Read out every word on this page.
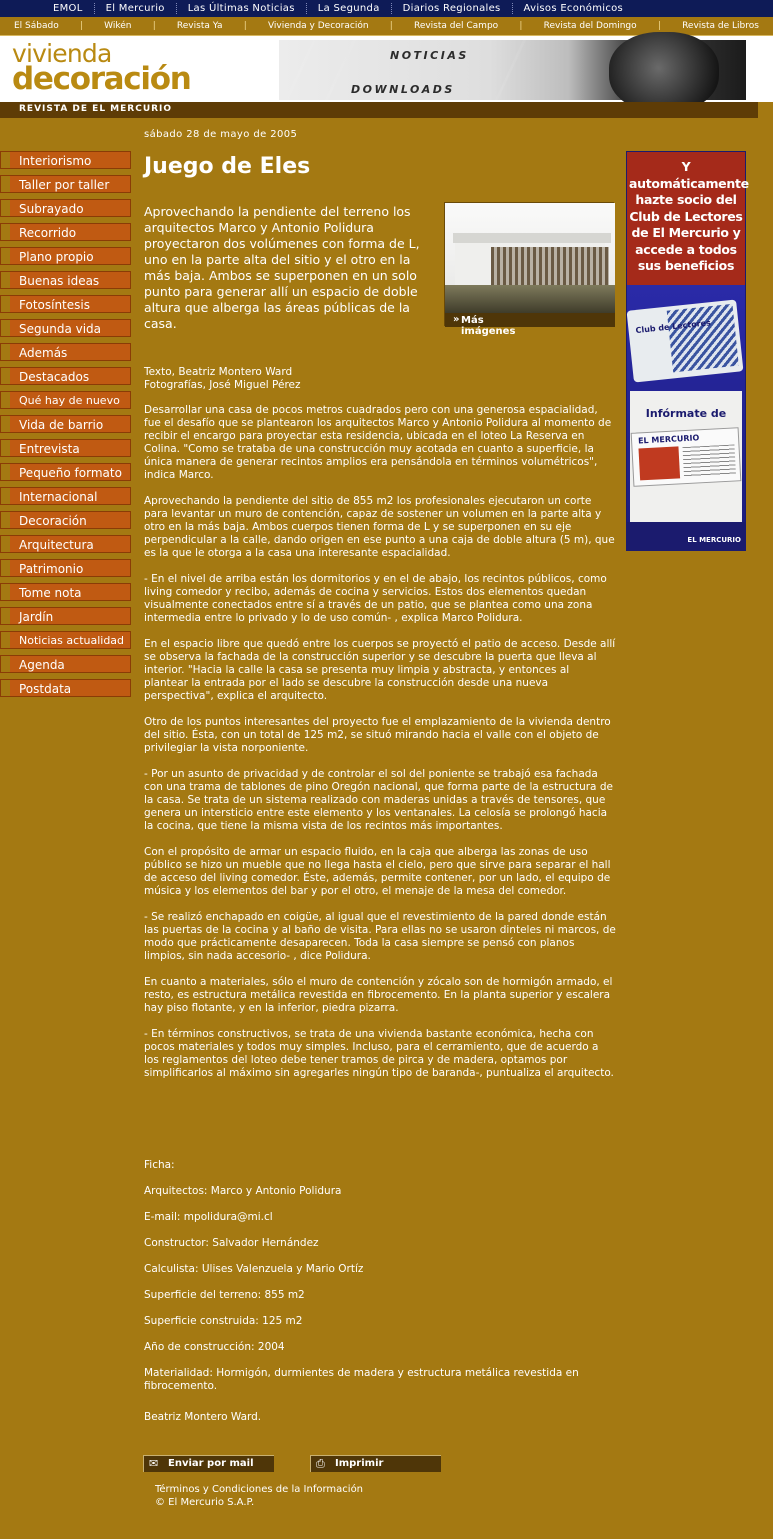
EMOL	El Mercurio	Las Últimas Noticias	La Segunda	Diarios Regionales	Avisos Económicos
El Sábado | Wikén | Revista Ya | Vivienda y Decoración | Revista del Campo | Revista del Domingo | Revista de Libros
vivienda
decoración
NOTICIAS
DOWNLOADS
REVISTA DE EL MERCURIO
Interiorismo
Taller por taller
Subrayado
Recorrido
Plano propio
Buenas ideas
Fotosíntesis
Segunda vida
Además
Destacados
Qué hay de nuevo
Vida de barrio
Entrevista
Pequeño formato
Internacional
Decoración
Arquitectura
Patrimonio
Tome nota
Jardín
Noticias actualidad
Agenda
Postdata
sábado 28 de mayo de 2005
Juego de Eles

Aprovechando la pendiente del terreno los arquitectos Marco y Antonio Polidura proyectaron dos volúmenes con forma de L, uno en la parte alta del sitio y el otro en la más baja. Ambos se superponen en un solo punto para generar allí un espacio de doble altura que alberga las áreas públicas de la casa.	» Más imágenes
Texto, Beatriz Montero Ward
Fotografías, José Miguel Pérez

Desarrollar una casa de pocos metros cuadrados pero con una generosa espacialidad, fue el desafío que se plantearon los arquitectos Marco y Antonio Polidura al momento de recibir el encargo para proyectar esta residencia, ubicada en el loteo La Reserva en Colina. "Como se trataba de una construcción muy acotada en cuanto a superficie, la única manera de generar recintos amplios era pensándola en términos volumétricos", indica Marco.

Aprovechando la pendiente del sitio de 855 m2 los profesionales ejecutaron un corte para levantar un muro de contención, capaz de sostener un volumen en la parte alta y otro en la más baja. Ambos cuerpos tienen forma de L y se superponen en su eje perpendicular a la calle, dando origen en ese punto a una caja de doble altura (5 m), que es la que le otorga a la casa una interesante espacialidad.

- En el nivel de arriba están los dormitorios y en el de abajo, los recintos públicos, como living comedor y recibo, además de cocina y servicios. Estos dos elementos quedan visualmente conectados entre sí a través de un patio, que se plantea como una zona intermedia entre lo privado y lo de uso común- , explica Marco Polidura.

En el espacio libre que quedó entre los cuerpos se proyectó el patio de acceso. Desde allí se observa la fachada de la construcción superior y se descubre la puerta que lleva al interior. "Hacia la calle la casa se presenta muy limpia y abstracta, y entonces al plantear la entrada por el lado se descubre la construcción desde una nueva perspectiva", explica el arquitecto.

Otro de los puntos interesantes del proyecto fue el emplazamiento de la vivienda dentro del sitio. Ésta, con un total de 125 m2, se situó mirando hacia el valle con el objeto de privilegiar la vista norponiente.

- Por un asunto de privacidad y de controlar el sol del poniente se trabajó esa fachada con una trama de tablones de pino Oregón nacional, que forma parte de la estructura de la casa. Se trata de un sistema realizado con maderas unidas a través de tensores, que genera un intersticio entre este elemento y los ventanales. La celosía se prolongó hacia la cocina, que tiene la misma vista de los recintos más importantes.

Con el propósito de armar un espacio fluido, en la caja que alberga las zonas de uso público se hizo un mueble que no llega hasta el cielo, pero que sirve para separar el hall de acceso del living comedor. Éste, además, permite contener, por un lado, el equipo de música y los elementos del bar y por el otro, el menaje de la mesa del comedor.

- Se realizó enchapado en coigüe, al igual que el revestimiento de la pared donde están las puertas de la cocina y al baño de visita. Para ellas no se usaron dinteles ni marcos, de modo que prácticamente desaparecen. Toda la casa siempre se pensó con planos limpios, sin nada accesorio- , dice Polidura.

En cuanto a materiales, sólo el muro de contención y zócalo son de hormigón armado, el resto, es estructura metálica revestida en fibrocemento. En la planta superior y escalera hay piso flotante, y en la inferior, piedra pizarra.

- En términos constructivos, se trata de una vivienda bastante económica, hecha con pocos materiales y todos muy simples. Incluso, para el cerramiento, que de acuerdo a los reglamentos del loteo debe tener tramos de pirca y de madera, optamos por simplificarlos al máximo sin agregarles ningún tipo de baranda-, puntualiza el arquitecto.

Ficha:

Arquitectos: Marco y Antonio Polidura

E-mail: mpolidura@mi.cl

Constructor: Salvador Hernández

Calculista: Ulises Valenzuela y Mario Ortíz

Superficie del terreno: 855 m2

Superficie construida: 125 m2

Año de construcción: 2004

Materialidad: Hormigón, durmientes de madera y estructura metálica revestida en fibrocemento.

Beatriz Montero Ward.
✉ Enviar por mail	⎙ Imprimir
Términos y Condiciones de la Información
© El Mercurio S.A.P.
Y automáticamente hazte socio del Club de Lectores de El Mercurio y accede a todos sus beneficios
Club de Lectores
Infórmate de
EL MERCURIO
EL MERCURIO
